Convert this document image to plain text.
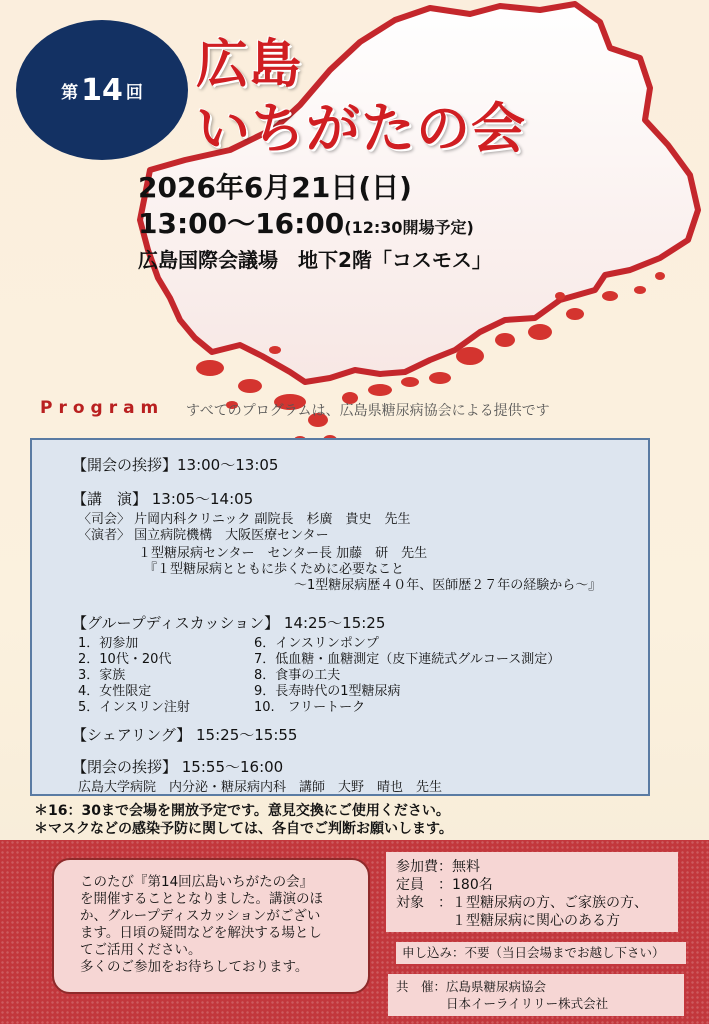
第 14 回 広島
いちがたの会
2026年6月21日(日)
13:00〜16:00(12:30開場予定)
広島国際会議場　地下2階「コスモス」
Program すべてのプログラムは、広島県糖尿病協会による提供です
【開会の挨拶】13:00〜13:05
【講　演】 13:05〜14:05
〈司会〉 片岡内科クリニック 副院長　杉廣　貴史　先生
〈演者〉 国立病院機構　大阪医療センター
１型糖尿病センター　センター長 加藤　研　先生
『１型糖尿病とともに歩くために必要なこと
〜1型糖尿病歴４０年、医師歴２７年の経験から〜』
【グループディスカッション】 14:25〜15:25
1．初参加
2．10代・20代
3．家族
4．女性限定
5．インスリン注射
6．インスリンポンプ
7．低血糖・血糖測定（皮下連続式グルコース測定）
8．食事の工夫
9．長寿時代の1型糖尿病
10.　フリートーク
【シェアリング】 15:25〜15:55
【閉会の挨拶】 15:55〜16:00
広島大学病院　内分泌・糖尿病内科　講師　大野　晴也　先生
＊16：30まで会場を開放予定です。意見交換にご使用ください。
＊マスクなどの感染予防に関しては、各自でご判断お願いします。
このたび『第14回広島いちがたの会』
を開催することとなりました。講演のほ
か、グループディスカッションがござい
ます。日頃の疑問などを解決する場とし
てご活用ください。
多くのご参加をお待ちしております。
参加費：無料
定員　：180名
対象　：１型糖尿病の方、ご家族の方、
　　　　１型糖尿病に関心のある方
申し込み：不要（当日会場までお越し下さい）
共　催：広島県糖尿病協会
　　　　日本イーライリリー株式会社
